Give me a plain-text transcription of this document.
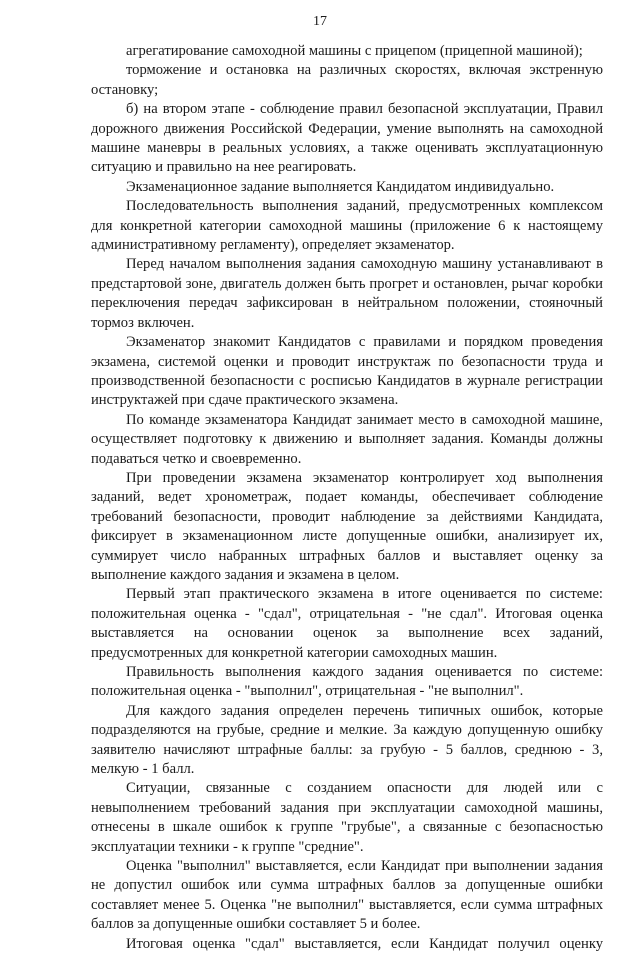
17

агрегатирование самоходной машины с прицепом (прицепной машиной);

торможение и остановка на различных скоростях, включая экстренную остановку;

б) на втором этапе - соблюдение правил безопасной эксплуатации, Правил дорожного движения Российской Федерации, умение выполнять на самоходной машине маневры в реальных условиях, а также оценивать эксплуатационную ситуацию и правильно на нее реагировать.

Экзаменационное задание выполняется Кандидатом индивидуально.

Последовательность выполнения заданий, предусмотренных комплексом для конкретной категории самоходной машины (приложение 6 к настоящему административному регламенту), определяет экзаменатор.

Перед началом выполнения задания самоходную машину устанавливают в предстартовой зоне, двигатель должен быть прогрет и остановлен, рычаг коробки переключения передач зафиксирован в нейтральном положении, стояночный тормоз включен.

Экзаменатор знакомит Кандидатов с правилами и порядком проведения экзамена, системой оценки и проводит инструктаж по безопасности труда и производственной безопасности с росписью Кандидатов в журнале регистрации инструктажей при сдаче практического экзамена.

По команде экзаменатора Кандидат занимает место в самоходной машине, осуществляет подготовку к движению и выполняет задания. Команды должны подаваться четко и своевременно.

При проведении экзамена экзаменатор контролирует ход выполнения заданий, ведет хронометраж, подает команды, обеспечивает соблюдение требований безопасности, проводит наблюдение за действиями Кандидата, фиксирует в экзаменационном листе допущенные ошибки, анализирует их, суммирует число набранных штрафных баллов и выставляет оценку за выполнение каждого задания и экзамена в целом.

Первый этап практического экзамена в итоге оценивается по системе: положительная оценка - "сдал", отрицательная - "не сдал". Итоговая оценка выставляется на основании оценок за выполнение всех заданий, предусмотренных для конкретной категории самоходных машин.

Правильность выполнения каждого задания оценивается по системе: положительная оценка - "выполнил", отрицательная - "не выполнил".

Для каждого задания определен перечень типичных ошибок, которые подразделяются на грубые, средние и мелкие. За каждую допущенную ошибку заявителю начисляют штрафные баллы: за грубую - 5 баллов, среднюю - 3, мелкую - 1 балл.

Ситуации, связанные с созданием опасности для людей или с невыполнением требований задания при эксплуатации самоходной машины, отнесены в шкале ошибок к группе "грубые", а связанные с безопасностью эксплуатации техники - к группе "средние".

Оценка "выполнил" выставляется, если Кандидат при выполнении задания не допустил ошибок или сумма штрафных баллов за допущенные ошибки составляет менее 5. Оценка "не выполнил" выставляется, если сумма штрафных баллов за допущенные ошибки составляет 5 и более.

Итоговая оценка "сдал" выставляется, если Кандидат получил оценку
